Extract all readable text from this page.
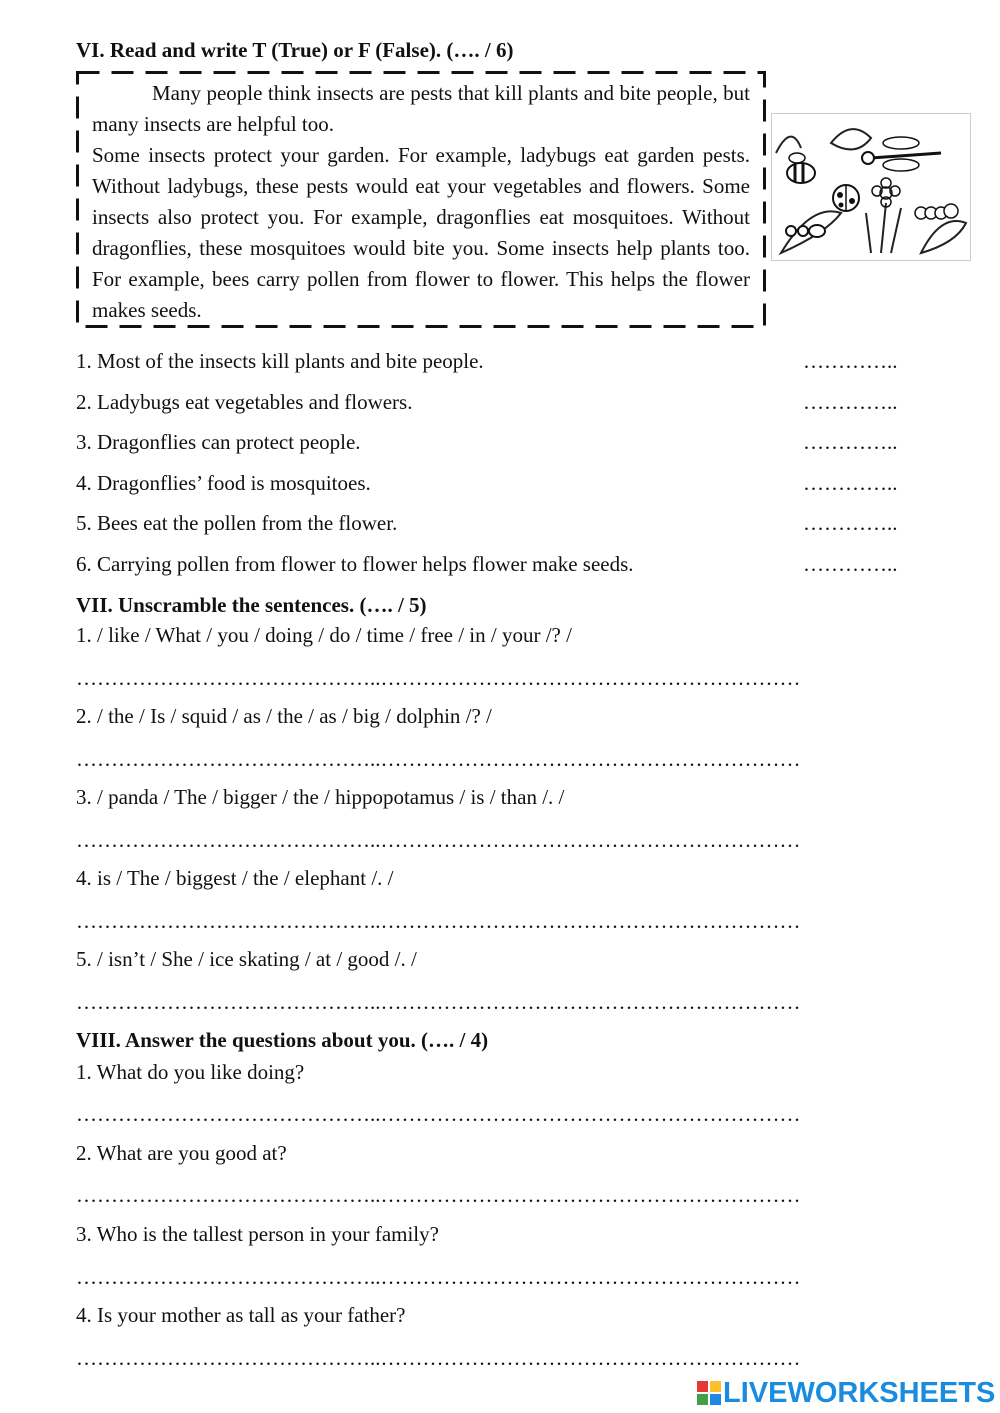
VI. Read and write T (True) or F (False). (…. / 6)

Many people think insects are pests that kill plants and bite people, but many insects are helpful too.

Some insects protect your garden. For example, ladybugs eat garden pests. Without ladybugs, these pests would eat your vegetables and flowers. Some insects also protect you. For example, dragonflies eat mosquitoes. Without dragonflies, these mosquitoes would bite you. Some insects help plants too. For example, bees carry pollen from flower to flower. This helps the flower makes seeds.

1. Most of the insects kill plants and bite people.	…………..
2. Ladybugs eat vegetables and flowers.	…………..
3. Dragonflies can protect people.	…………..
4. Dragonflies’ food is mosquitoes.	…………..
5. Bees eat the pollen from the flower.	…………..
6. Carrying pollen from flower to flower helps flower make seeds.	…………..
VII. Unscramble the sentences. (…. / 5)
1. / like / What / you / doing / do / time / free / in / your /? /
……………………………………..……………………………………………………
2. / the / Is / squid / as / the / as / big / dolphin /? /
……………………………………..……………………………………………………
3. / panda / The / bigger / the / hippopotamus / is / than /. /
……………………………………..……………………………………………………
4. is / The / biggest / the / elephant /. /
……………………………………..……………………………………………………
5. / isn’t / She / ice skating / at / good /. /
……………………………………..……………………………………………………
VIII. Answer the questions about you. (…. / 4)
1. What do you like doing?
……………………………………..……………………………………………………
2. What are you good at?
……………………………………..……………………………………………………
3. Who is the tallest person in your family?
……………………………………..……………………………………………………
4. Is your mother as tall as your father?
……………………………………..……………………………………………………
LIVEWORKSHEETS
